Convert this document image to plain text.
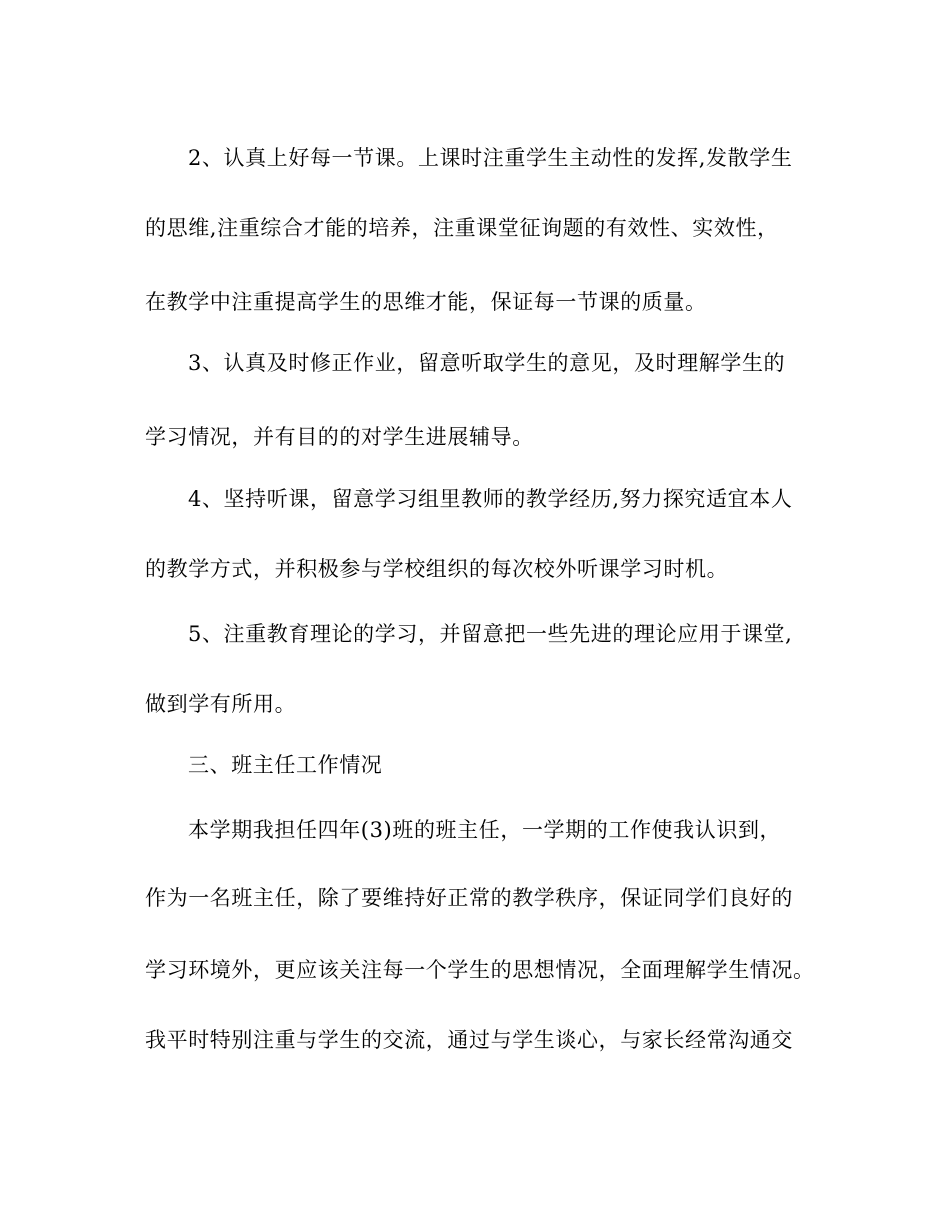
2、认真上好每一节课。上课时注重学生主动性的发挥,发散学生
的思维,注重综合才能的培养，注重课堂征询题的有效性、实效性，
在教学中注重提高学生的思维才能，保证每一节课的质量。
3、认真及时修正作业，留意听取学生的意见，及时理解学生的
学习情况，并有目的的对学生进展辅导。
4、坚持听课，留意学习组里教师的教学经历,努力探究适宜本人
的教学方式，并积极参与学校组织的每次校外听课学习时机。
5、注重教育理论的学习，并留意把一些先进的理论应用于课堂,
做到学有所用。
三、班主任工作情况
本学期我担任四年(3)班的班主任，一学期的工作使我认识到，
作为一名班主任，除了要维持好正常的教学秩序，保证同学们良好的
学习环境外，更应该关注每一个学生的思想情况，全面理解学生情况。
我平时特别注重与学生的交流，通过与学生谈心，与家长经常沟通交
